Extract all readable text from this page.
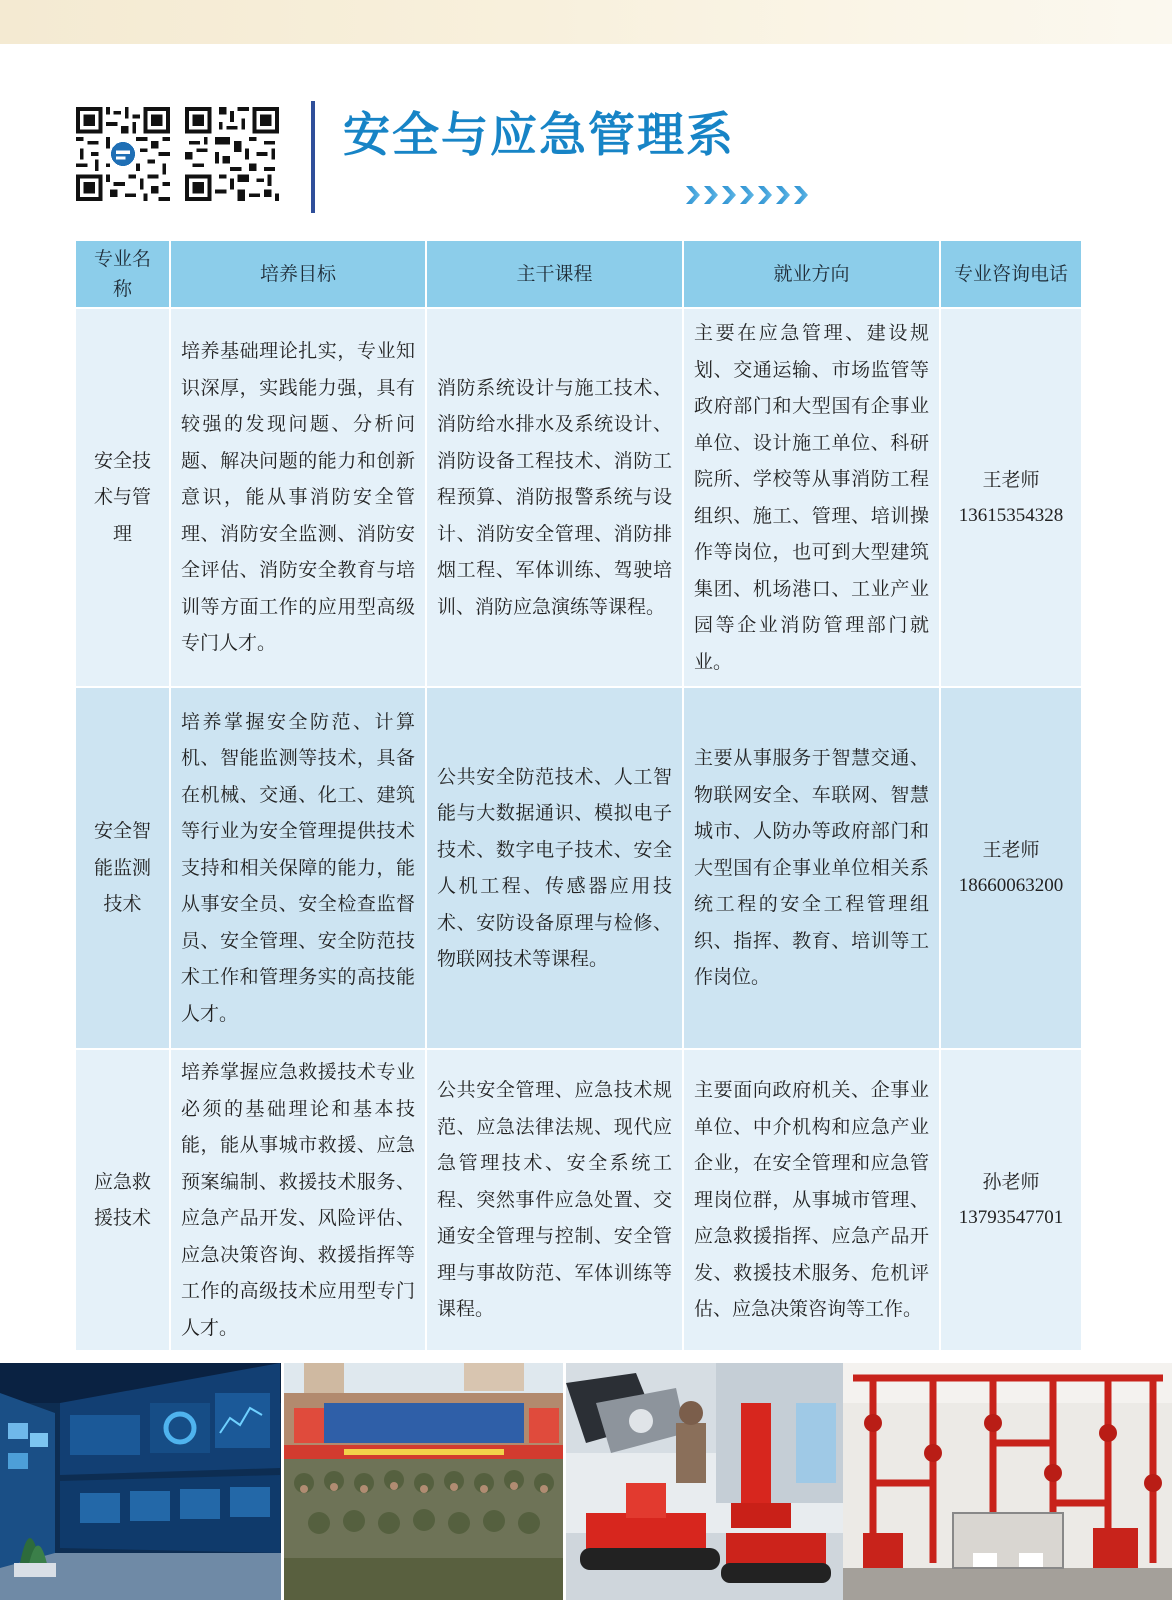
安全与应急管理系
专业名称	培养目标	主干课程	就业方向	专业咨询电话
安全技术与管理	培养基础理论扎实，专业知识深厚，实践能力强，具有较强的发现问题、分析问题、解决问题的能力和创新意识，能从事消防安全管理、消防安全监测、消防安全评估、消防安全教育与培训等方面工作的应用型高级专门人才。	消防系统设计与施工技术、消防给水排水及系统设计、消防设备工程技术、消防工程预算、消防报警系统与设计、消防安全管理、消防排烟工程、军体训练、驾驶培训、消防应急演练等课程。	主要在应急管理、建设规划、交通运输、市场监管等政府部门和大型国有企事业单位、设计施工单位、科研院所、学校等从事消防工程组织、施工、管理、培训操作等岗位，也可到大型建筑集团、机场港口、工业产业园等企业消防管理部门就业。	王老师
13615354328

安全智能监测技术	培养掌握安全防范、计算机、智能监测等技术，具备在机械、交通、化工、建筑等行业为安全管理提供技术支持和相关保障的能力，能从事安全员、安全检查监督员、安全管理、安全防范技术工作和管理务实的高技能人才。	公共安全防范技术、人工智能与大数据通识、模拟电子技术、数字电子技术、安全人机工程、传感器应用技术、安防设备原理与检修、物联网技术等课程。	主要从事服务于智慧交通、物联网安全、车联网、智慧城市、人防办等政府部门和大型国有企事业单位相关系统工程的安全工程管理组织、指挥、教育、培训等工作岗位。	王老师
18660063200

应急救援技术	培养掌握应急救援技术专业必须的基础理论和基本技能，能从事城市救援、应急预案编制、救援技术服务、应急产品开发、风险评估、应急决策咨询、救援指挥等工作的高级技术应用型专门人才。	公共安全管理、应急技术规范、应急法律法规、现代应急管理技术、安全系统工程、突然事件应急处置、交通安全管理与控制、安全管理与事故防范、军体训练等课程。	主要面向政府机关、企事业单位、中介机构和应急产业企业，在安全管理和应急管理岗位群，从事城市管理、应急救援指挥、应急产品开发、救援技术服务、危机评估、应急决策咨询等工作。	孙老师
13793547701
